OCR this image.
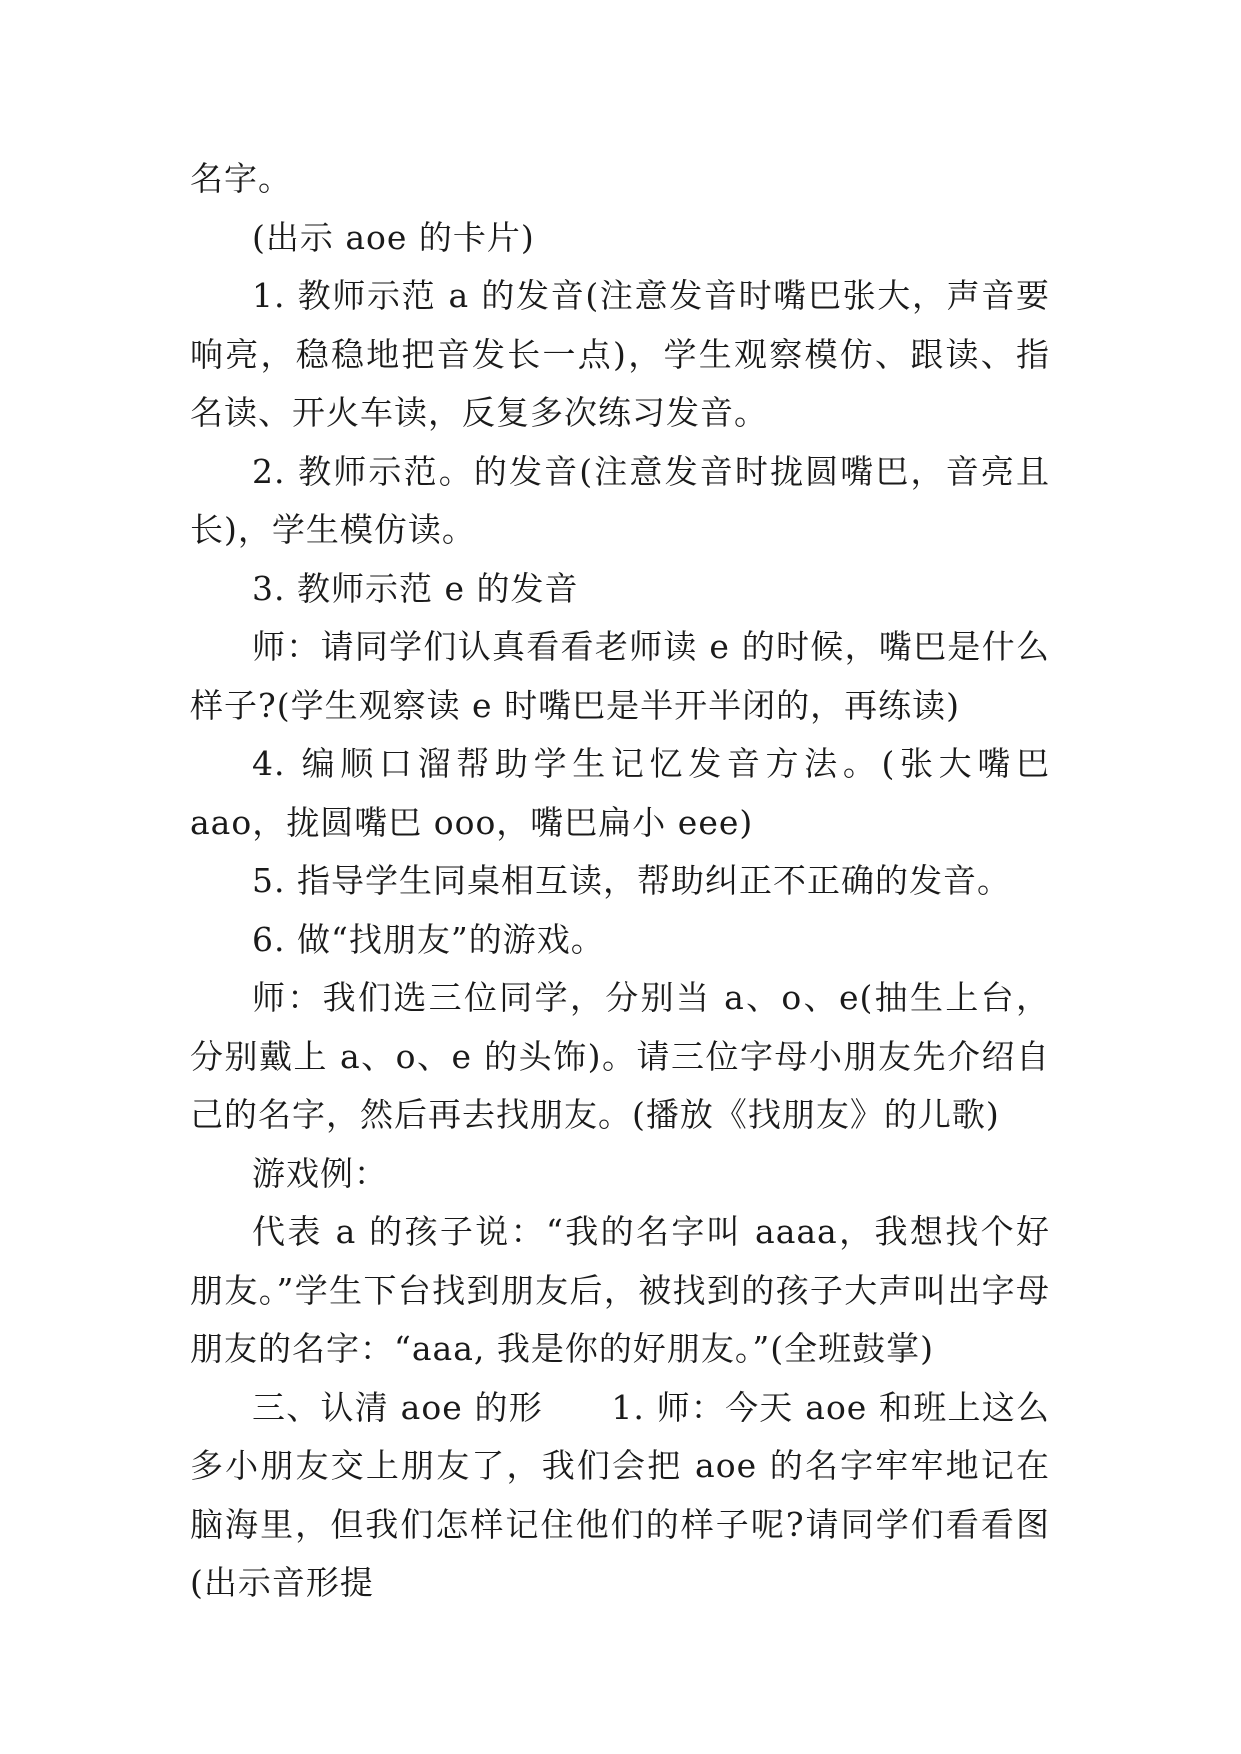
名字。

(出示 aoe 的卡片)

1. 教师示范 a 的发音(注意发音时嘴巴张大，声音要响亮，稳稳地把音发长一点)，学生观察模仿、跟读、指名读、开火车读，反复多次练习发音。

2. 教师示范。的发音(注意发音时拢圆嘴巴，音亮且长)，学生模仿读。

3. 教师示范 e 的发音

师：请同学们认真看看老师读 e 的时候，嘴巴是什么样子?(学生观察读 e 时嘴巴是半开半闭的，再练读)

4. 编顺口溜帮助学生记忆发音方法。(张大嘴巴 aao，拢圆嘴巴 ooo，嘴巴扁小 eee)

5. 指导学生同桌相互读，帮助纠正不正确的发音。

6. 做“找朋友”的游戏。

师：我们选三位同学，分别当 a、o、e(抽生上台，分别戴上 a、o、e 的头饰)。请三位字母小朋友先介绍自己的名字，然后再去找朋友。(播放《找朋友》的儿歌)

游戏例：

代表 a 的孩子说：“我的名字叫 aaaa，我想找个好朋友。”学生下台找到朋友后，被找到的孩子大声叫出字母朋友的名字：“aaa, 我是你的好朋友。”(全班鼓掌)

三、认清 aoe 的形　　1. 师：今天 aoe 和班上这么多小朋友交上朋友了，我们会把 aoe 的名字牢牢地记在脑海里，但我们怎样记住他们的样子呢?请同学们看看图(出示音形提
